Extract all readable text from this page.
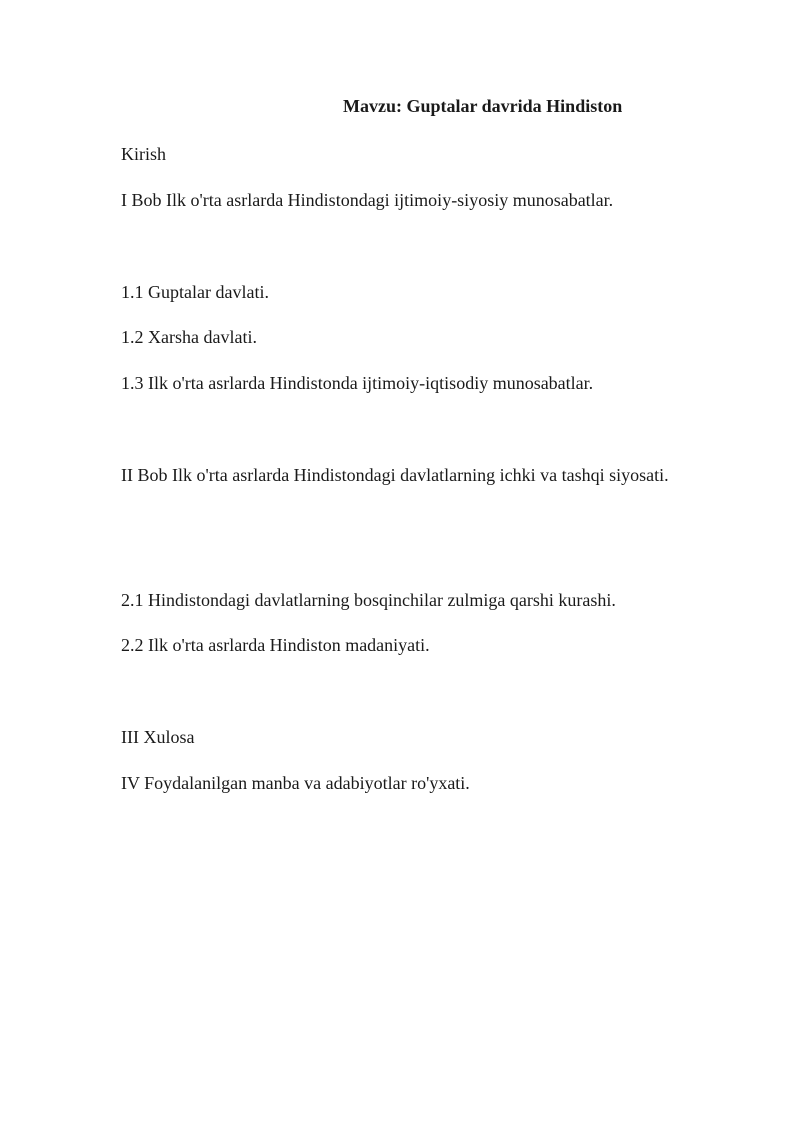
Mavzu: Guptalar davrida Hindiston
Kirish
I Bob Ilk o'rta asrlarda Hindistondagi ijtimoiy-siyosiy munosabatlar.
1.1 Guptalar davlati.
1.2 Xarsha davlati.
1.3 Ilk o'rta asrlarda Hindistonda ijtimoiy-iqtisodiy munosabatlar.
II Bob Ilk o'rta asrlarda Hindistondagi davlatlarning ichki va tashqi siyosati.
2.1 Hindistondagi davlatlarning bosqinchilar zulmiga qarshi kurashi.
2.2 Ilk o'rta asrlarda Hindiston madaniyati.
III Xulosa
IV Foydalanilgan manba va adabiyotlar ro'yxati.
